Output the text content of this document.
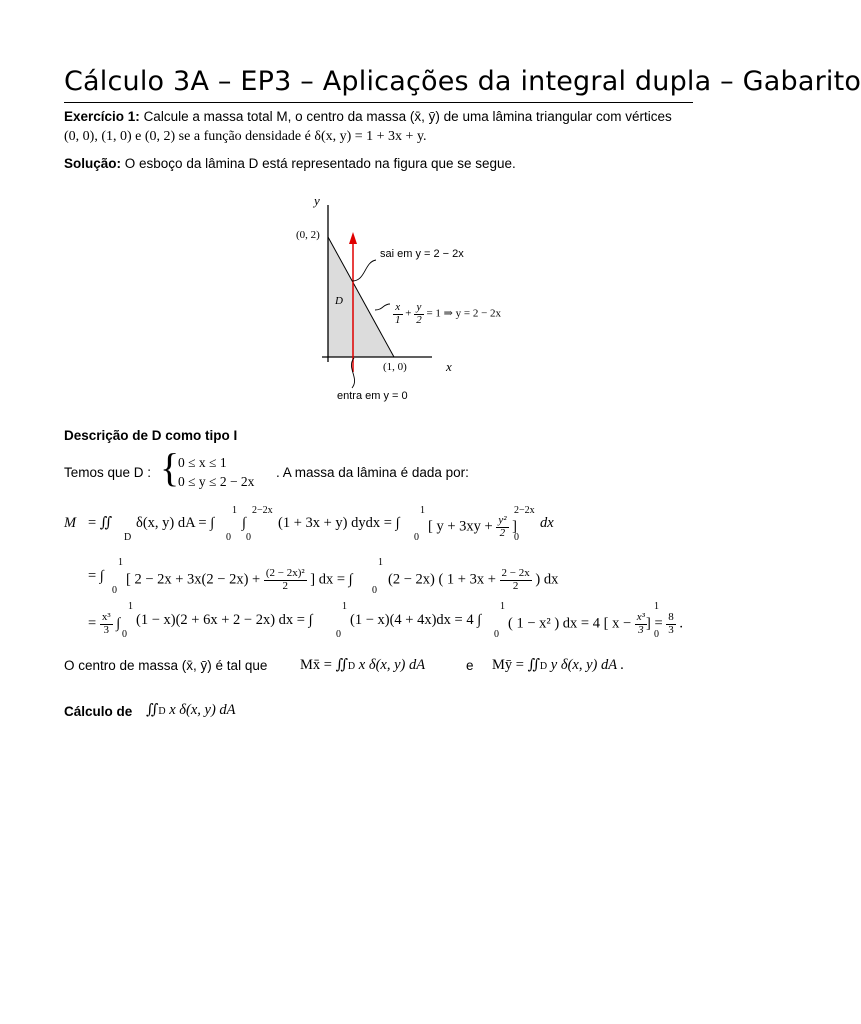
Cálculo 3A – EP3 – Aplicações da integral dupla – Gabarito
Exercício 1: Calcule a massa total M, o centro da massa (x̄, ȳ) de uma lâmina triangular com vértices
(0, 0), (1, 0) e (0, 2) se a função densidade é δ(x, y) = 1 + 3x + y.
Solução: O esboço da lâmina D está representado na figura que se segue.
y
(0, 2)
D
sai em y = 2 − 2x
$\frac{x}{1} + \frac{y}{2} = 1$ ⇒ y = 2 − 2x
(1, 0)	x
entra em y = 0
Descrição de D como tipo I
Temos que D : {
0 ≤ x ≤ 1
0 ≤ y ≤ 2 − 2x
. A massa da lâmina é dada por:
M = ∬
D
δ(x, y) dA = ∫
1
0
∫
2−2x
0
(1 + 3x + y) dydx = ∫
1
0
[ $y + 3xy + \frac{\text{y²}}{2}$ ]
2−2x
0
dx
= ∫
1
0
[ $2 - 2x + 3x(2 - 2x) + \frac{\text{(2 − 2x)²}}{2}$ ] dx = ∫
1
0
(2 − 2x) ( $1 + 3x + \frac{2 - 2x}{2}$ ) dx
= $\frac{\text{x³}}{3}$ ∫
1
0
(1 − x)(2 + 6x + 2 − 2x) dx = ∫
1
0
(1 − x)(4 + 4x)dx = 4 ∫
1
0
( 1 − x² ) dx = 4 [ $x - \frac{\text{x³}}{3}$
1
0
] = $\frac{8}{3}$ .
O centro de massa (x̄, ȳ) é tal que Mx̄ = ∬D x δ(x, y) dA	e Mȳ = ∬D y δ(x, y) dA .
Cálculo de ∬D x δ(x, y) dA
